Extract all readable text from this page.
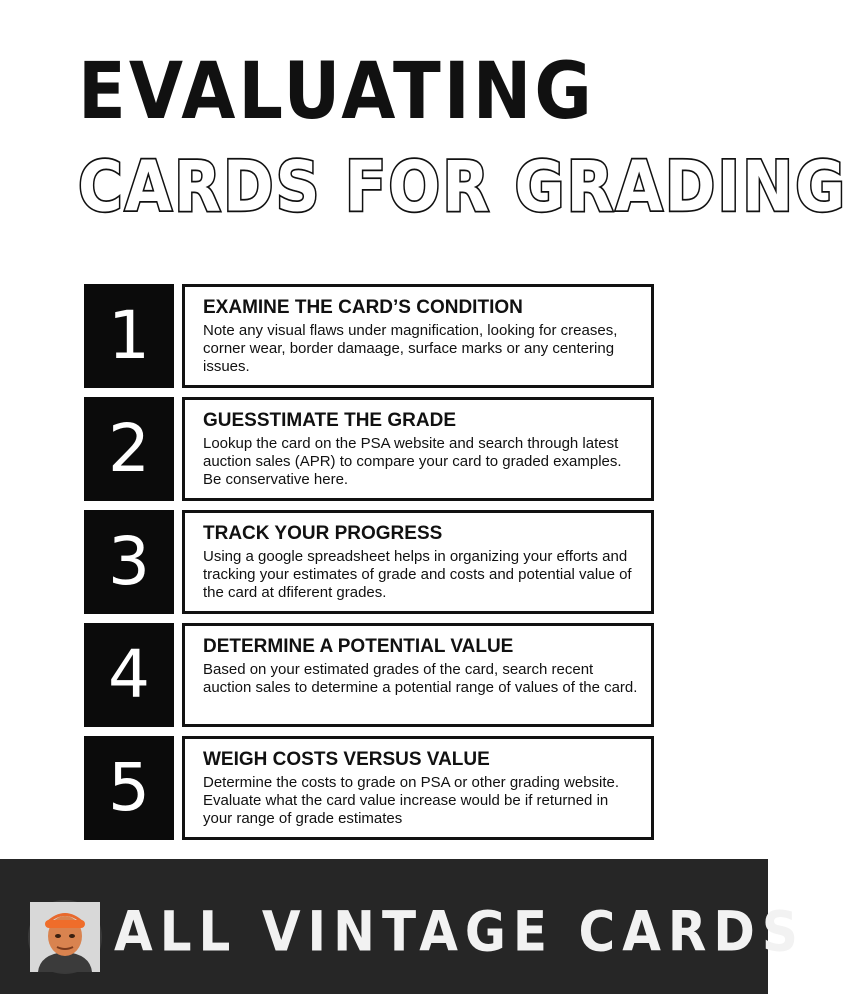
EVALUATING
CARDS FOR GRADING
1	EXAMINE THE CARD’S CONDITION
Note any visual flaws under magnification, looking for creases, corner wear, border damaage, surface marks or any centering issues.
2	GUESSTIMATE THE GRADE
Lookup the card on the PSA website and search through latest auction sales (APR) to compare your card to graded examples. Be conservative here.
3	TRACK YOUR PROGRESS
Using a google spreadsheet helps in organizing your efforts and tracking your estimates of grade and costs and potential value of the card at dfiferent grades.
4	DETERMINE A POTENTIAL VALUE
Based on your estimated grades of the card, search recent auction sales to determine a potential range of values of the card.
5	WEIGH COSTS VERSUS VALUE
Determine the costs to grade on PSA or other grading website. Evaluate what the card value increase would be if returned in your range of grade estimates
ALL VINTAGE CARDS
